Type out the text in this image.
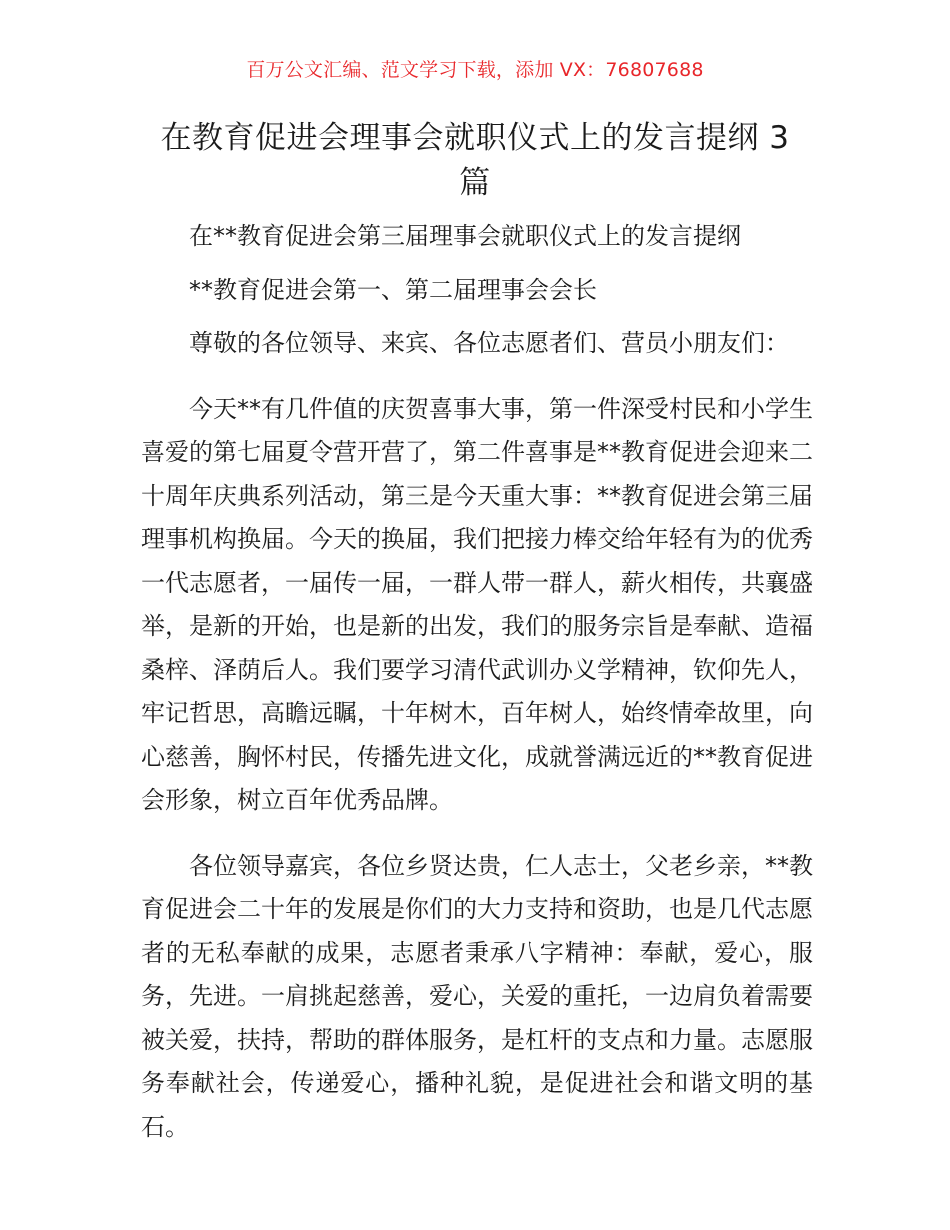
百万公文汇编、范文学习下载，添加 VX：76807688
在教育促进会理事会就职仪式上的发言提纲 3 篇

在**教育促进会第三届理事会就职仪式上的发言提纲

**教育促进会第一、第二届理事会会长

尊敬的各位领导、来宾、各位志愿者们、营员小朋友们：

今天**有几件值的庆贺喜事大事，第一件深受村民和小学生喜爱的第七届夏令营开营了，第二件喜事是**教育促进会迎来二十周年庆典系列活动，第三是今天重大事：**教育促进会第三届理事机构换届。今天的换届，我们把接力棒交给年轻有为的优秀一代志愿者，一届传一届，一群人带一群人，薪火相传，共襄盛举，是新的开始，也是新的出发，我们的服务宗旨是奉献、造福桑梓、泽荫后人。我们要学习清代武训办义学精神，钦仰先人，牢记哲思，高瞻远瞩，十年树木，百年树人，始终情牵故里，向心慈善，胸怀村民，传播先进文化，成就誉满远近的**教育促进会形象，树立百年优秀品牌。

各位领导嘉宾，各位乡贤达贵，仁人志士，父老乡亲，**教育促进会二十年的发展是你们的大力支持和资助，也是几代志愿者的无私奉献的成果，志愿者秉承八字精神：奉献，爱心，服务，先进。一肩挑起慈善，爱心，关爱的重托，一边肩负着需要被关爱，扶持，帮助的群体服务，是杠杆的支点和力量。志愿服务奉献社会，传递爱心，播种礼貌，是促进社会和谐文明的基石。
